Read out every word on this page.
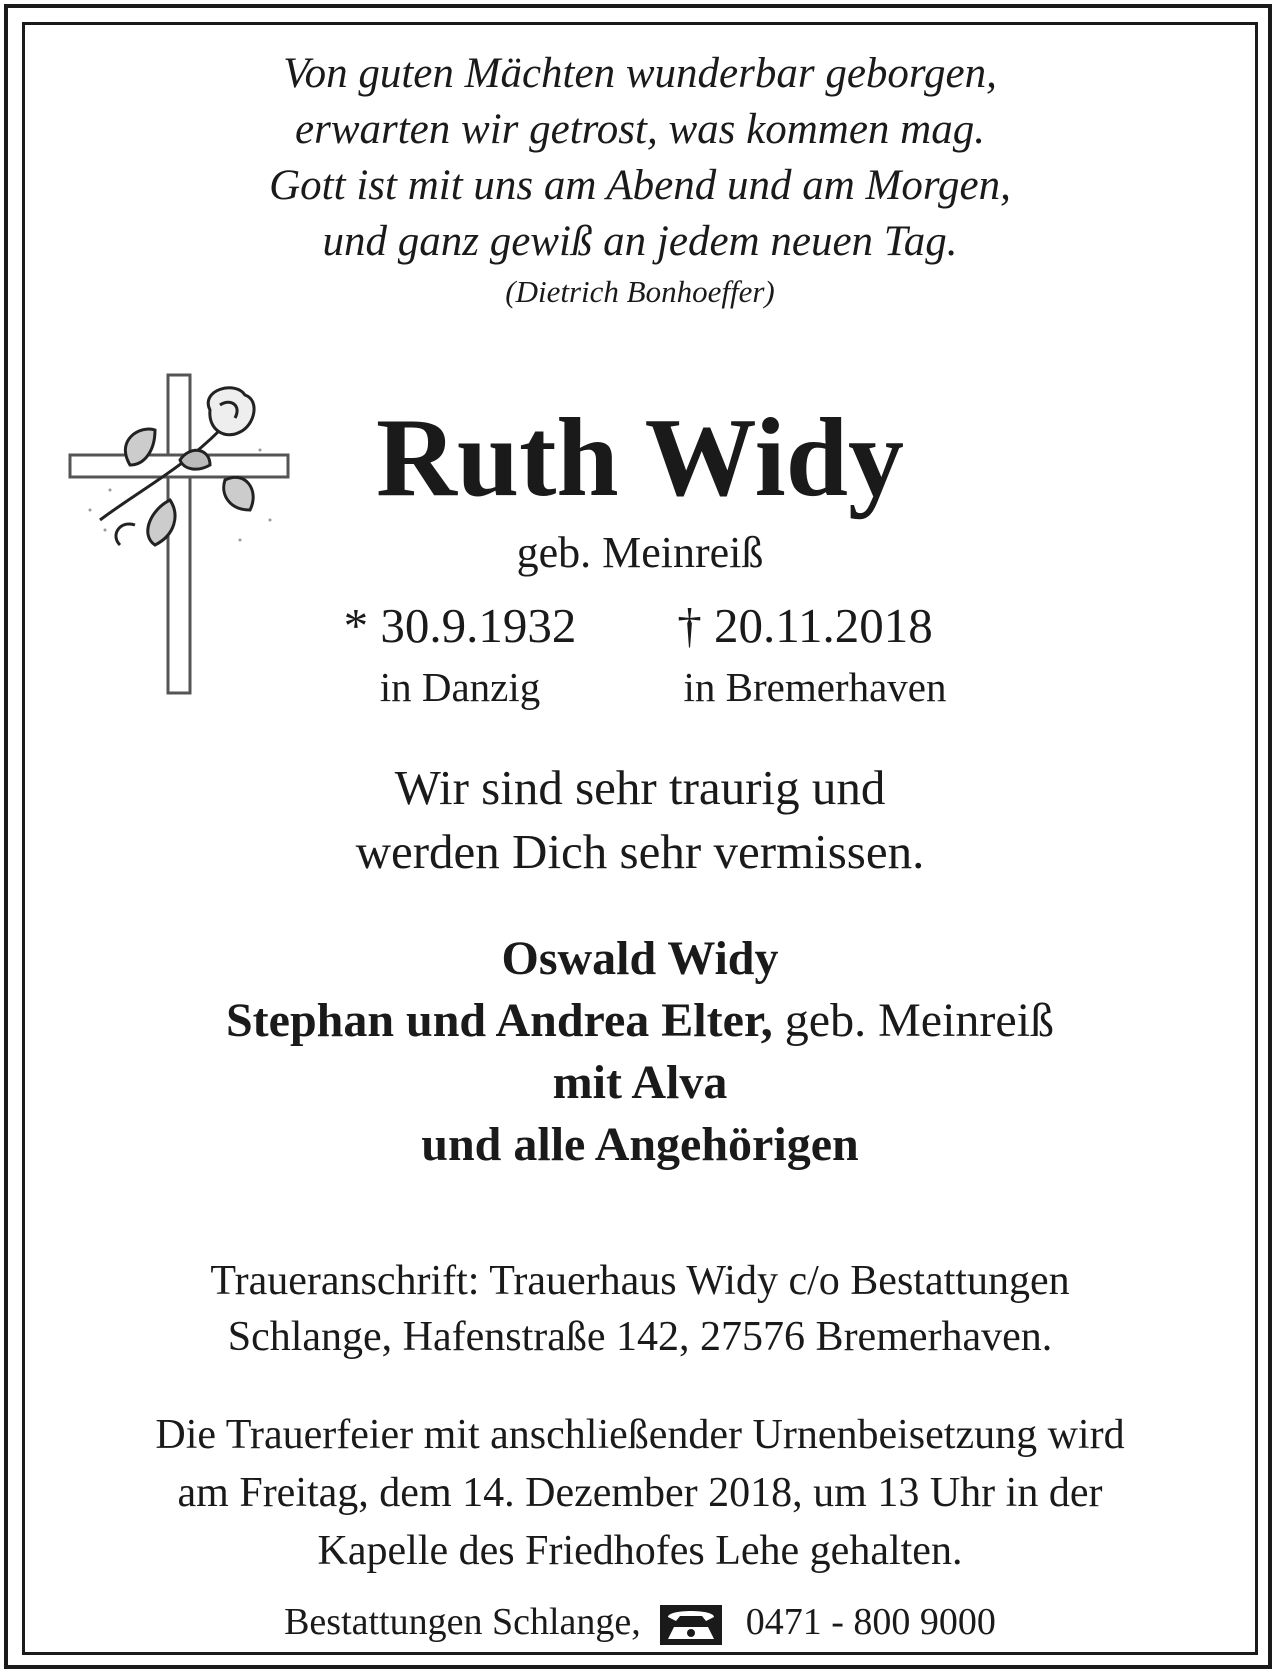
Von guten Mächten wunderbar geborgen,
erwarten wir getrost, was kommen mag.
Gott ist mit uns am Abend und am Morgen,
und ganz gewiß an jedem neuen Tag.
(Dietrich Bonhoeffer)
Ruth Widy
geb. Meinreiß
* 30.9.1932	† 20.11.2018
in Danzig	in Bremerhaven
Wir sind sehr traurig und
werden Dich sehr vermissen.
Oswald Widy
Stephan und Andrea Elter, geb. Meinreiß
mit Alva
und alle Angehörigen
Traueranschrift: Trauerhaus Widy c/o Bestattungen
Schlange, Hafenstraße 142, 27576 Bremerhaven.
Die Trauerfeier mit anschließender Urnenbeisetzung wird
am Freitag, dem 14. Dezember 2018, um 13 Uhr in der
Kapelle des Friedhofes Lehe gehalten.
Bestattungen Schlange,	0471 - 800 9000
